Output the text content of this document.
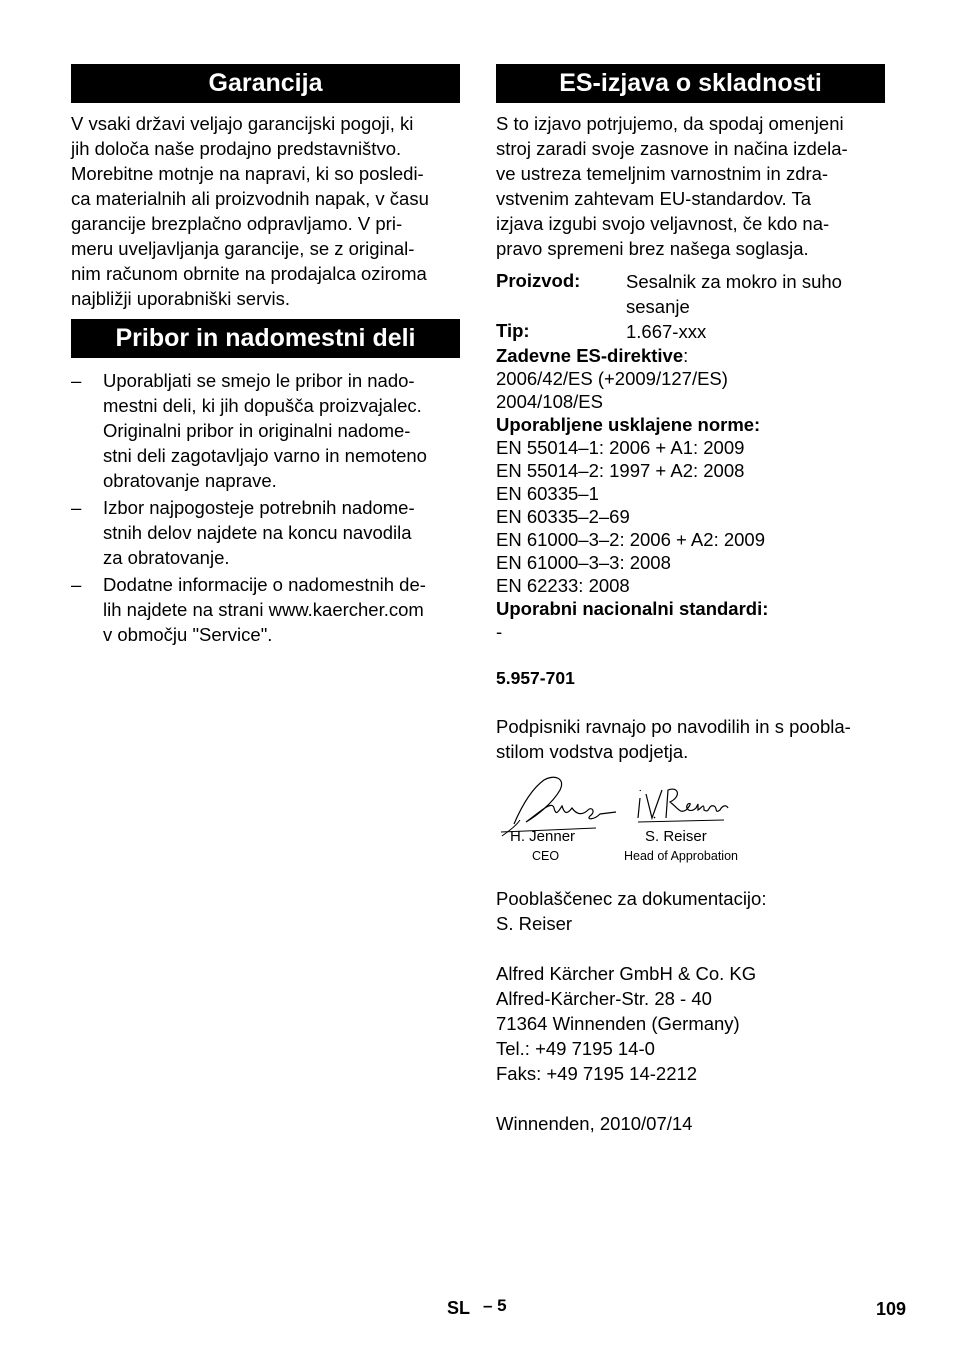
Garancija

V vsaki državi veljajo garancijski pogoji, ki
jih določa naše prodajno predstavništvo.
Morebitne motnje na napravi, ki so posledi-
ca materialnih ali proizvodnih napak, v času
garancije brezplačno odpravljamo. V pri-
meru uveljavljanja garancije, se z original-
nim računom obrnite na prodajalca oziroma
najbližji uporabniški servis.

Pribor in nadomestni deli
– Uporabljati se smejo le pribor in nado-
mestni deli, ki jih dopušča proizvajalec.
Originalni pribor in originalni nadome-
stni deli zagotavljajo varno in nemoteno
obratovanje naprave.
– Izbor najpogosteje potrebnih nadome-
stnih delov najdete na koncu navodila
za obratovanje.
– Dodatne informacije o nadomestnih de-
lih najdete na strani www.kaercher.com
v območju "Service".
ES-izjava o skladnosti

S to izjavo potrjujemo, da spodaj omenjeni
stroj zaradi svoje zasnove in načina izdela-
ve ustreza temeljnim varnostnim in zdra-
vstvenim zahtevam EU-standardov. Ta
izjava izgubi svojo veljavnost, če kdo na-
pravo spremeni brez našega soglasja.

Proizvod:	Sesalnik za mokro in suho
sesanje
Tip:	1.667-xxx
Zadevne ES-direktive:
2006/42/ES (+2009/127/ES)
2004/108/ES
Uporabljene usklajene norme:
EN 55014–1: 2006 + A1: 2009
EN 55014–2: 1997 + A2: 2008
EN 60335–1
EN 60335–2–69
EN 61000–3–2: 2006 + A2: 2009
EN 61000–3–3: 2008
EN 62233: 2008
Uporabni nacionalni standardi:
-
5.957-701

Podpisniki ravnajo po navodilih in s poobla-
stilom vodstva podjetja.

H. Jenner
CEO
S. Reiser
Head of Approbation
Pooblaščenec za dokumentacijo:
S. Reiser
Alfred Kärcher GmbH & Co. KG
Alfred-Kärcher-Str. 28 - 40
71364 Winnenden (Germany)
Tel.: +49 7195 14-0
Faks: +49 7195 14-2212
Winnenden, 2010/07/14
SL – 5	109
